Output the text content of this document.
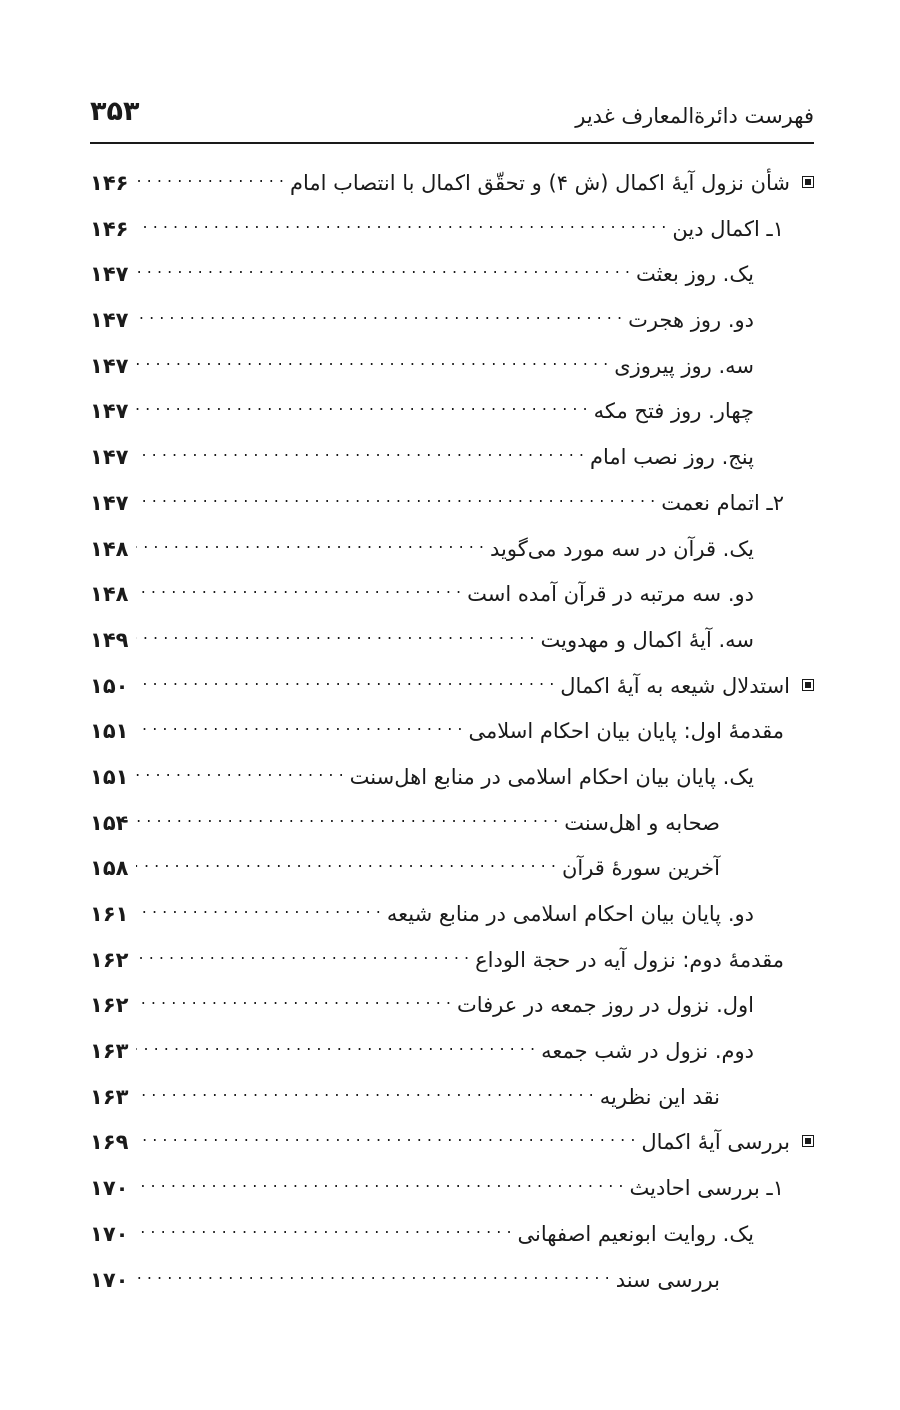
۳۵۳	فهرست دائرةالمعارف غدیر
شأن نزول آیۀ اکمال (ش ۴) و تحقّق اکمال با انتصاب امام
. . .
۱۴۶
۱ـ اکمال دین
. . .
۱۴۶
یک. روز بعثت
. . .
۱۴۷
دو. روز هجرت
. . .
۱۴۷
سه. روز پیروزی
. . .
۱۴۷
چهار. روز فتح مکه
. . .
۱۴۷
پنج. روز نصب امام
. . .
۱۴۷
۲ـ اتمام نعمت
. . .
۱۴۷
یک. قرآن در سه مورد می‌گوید
. . .
۱۴۸
دو. سه مرتبه در قرآن آمده است
. . .
۱۴۸
سه. آیۀ اکمال و مهدویت
. . .
۱۴۹
استدلال شیعه به آیۀ اکمال
. . .
۱۵۰
مقدمۀ اول: پایان بیان احکام اسلامی
. . .
۱۵۱
یک. پایان بیان احکام اسلامی در منابع اهل‌سنت
. . .
۱۵۱
صحابه و اهل‌سنت
. . .
۱۵۴
آخرین سورۀ قرآن
. . .
۱۵۸
دو. پایان بیان احکام اسلامی در منابع شیعه
. . .
۱۶۱
مقدمۀ دوم: نزول آیه در حجة الوداع
. . .
۱۶۲
اول. نزول در روز جمعه در عرفات
. . .
۱۶۲
دوم. نزول در شب جمعه
. . .
۱۶۳
نقد این نظریه
. . .
۱۶۳
بررسی آیۀ اکمال
. . .
۱۶۹
۱ـ بررسی احادیث
. . .
۱۷۰
یک. روایت ابونعیم اصفهانی
. . .
۱۷۰
بررسی سند
. . .
۱۷۰
